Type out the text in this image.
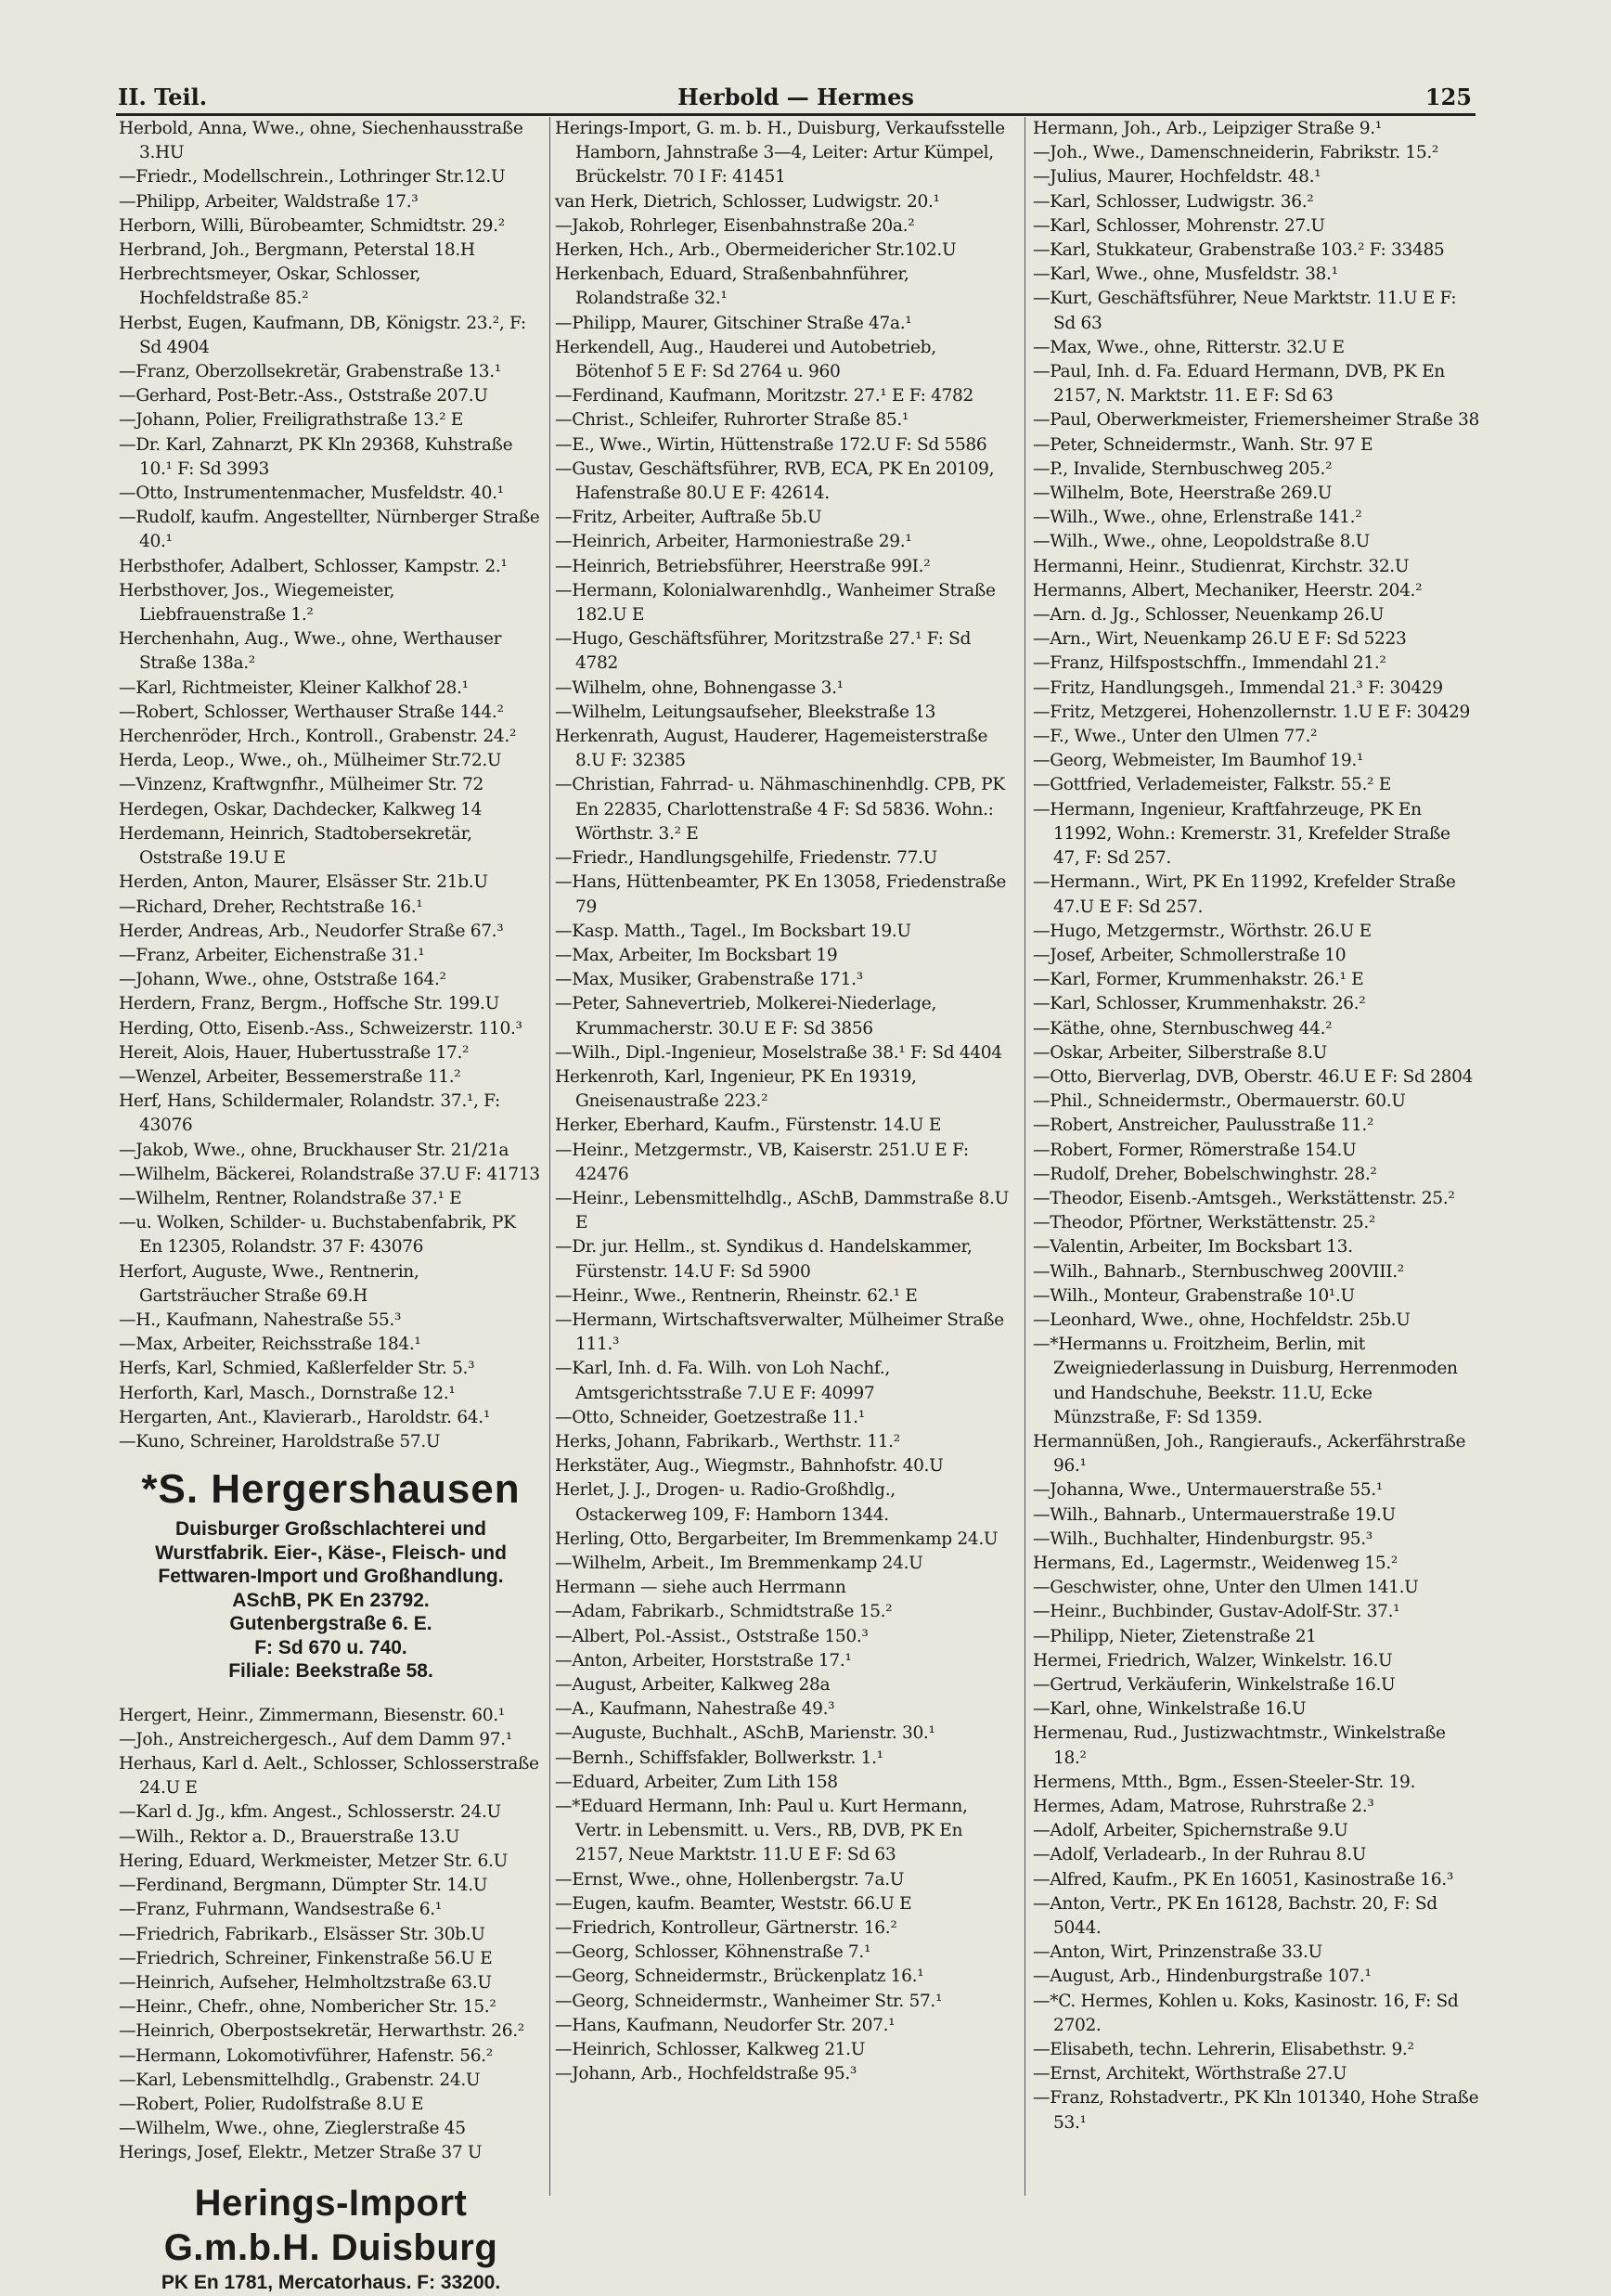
II. Teil.	Herbold — Hermes	125
Herbold, Anna, Wwe., ohne, Siechenhausstraße 3.HU
—Friedr., Modellschrein., Lothringer Str.12.U
—Philipp, Arbeiter, Waldstraße 17.³
Herborn, Willi, Bürobeamter, Schmidtstr. 29.²
Herbrand, Joh., Bergmann, Peterstal 18.H
Herbrechtsmeyer, Oskar, Schlosser, Hochfeldstraße 85.²
Herbst, Eugen, Kaufmann, DB, Königstr. 23.², F: Sd 4904
—Franz, Oberzollsekretär, Grabenstraße 13.¹
—Gerhard, Post-Betr.-Ass., Oststraße 207.U
—Johann, Polier, Freiligrathstraße 13.² E
—Dr. Karl, Zahnarzt, PK Kln 29368, Kuhstraße 10.¹ F: Sd 3993
—Otto, Instrumentenmacher, Musfeldstr. 40.¹
—Rudolf, kaufm. Angestellter, Nürnberger Straße 40.¹
Herbsthofer, Adalbert, Schlosser, Kampstr. 2.¹
Herbsthover, Jos., Wiegemeister, Liebfrauenstraße 1.²
Herchenhahn, Aug., Wwe., ohne, Werthauser Straße 138a.²
—Karl, Richtmeister, Kleiner Kalkhof 28.¹
—Robert, Schlosser, Werthauser Straße 144.²
Herchenröder, Hrch., Kontroll., Grabenstr. 24.²
Herda, Leop., Wwe., oh., Mülheimer Str.72.U
—Vinzenz, Kraftwgnfhr., Mülheimer Str. 72
Herdegen, Oskar, Dachdecker, Kalkweg 14
Herdemann, Heinrich, Stadtobersekretär, Oststraße 19.U E
Herden, Anton, Maurer, Elsässer Str. 21b.U
—Richard, Dreher, Rechtstraße 16.¹
Herder, Andreas, Arb., Neudorfer Straße 67.³
—Franz, Arbeiter, Eichenstraße 31.¹
—Johann, Wwe., ohne, Oststraße 164.²
Herdern, Franz, Bergm., Hoffsche Str. 199.U
Herding, Otto, Eisenb.-Ass., Schweizerstr. 110.³
Hereit, Alois, Hauer, Hubertusstraße 17.²
—Wenzel, Arbeiter, Bessemerstraße 11.²
Herf, Hans, Schildermaler, Rolandstr. 37.¹, F: 43076
—Jakob, Wwe., ohne, Bruckhauser Str. 21/21a
—Wilhelm, Bäckerei, Rolandstraße 37.U F: 41713
—Wilhelm, Rentner, Rolandstraße 37.¹ E
—u. Wolken, Schilder- u. Buchstabenfabrik, PK En 12305, Rolandstr. 37 F: 43076
Herfort, Auguste, Wwe., Rentnerin, Gartsträucher Straße 69.H
—H., Kaufmann, Nahestraße 55.³
—Max, Arbeiter, Reichsstraße 184.¹
Herfs, Karl, Schmied, Kaßlerfelder Str. 5.³
Herforth, Karl, Masch., Dornstraße 12.¹
Hergarten, Ant., Klavierarb., Haroldstr. 64.¹
—Kuno, Schreiner, Haroldstraße 57.U
*S. Hergershausen
Duisburger Großschlachterei und Wurstfabrik. Eier-, Käse-, Fleisch- und Fettwaren-Import und Großhandlung.
ASchB, PK En 23792.
Gutenbergstraße 6. E.
F: Sd 670 u. 740.
Filiale: Beekstraße 58.
Hergert, Heinr., Zimmermann, Biesenstr. 60.¹
—Joh., Anstreichergesch., Auf dem Damm 97.¹
Herhaus, Karl d. Aelt., Schlosser, Schlosserstraße 24.U E
—Karl d. Jg., kfm. Angest., Schlosserstr. 24.U
—Wilh., Rektor a. D., Brauerstraße 13.U
Hering, Eduard, Werkmeister, Metzer Str. 6.U
—Ferdinand, Bergmann, Dümpter Str. 14.U
—Franz, Fuhrmann, Wandsestraße 6.¹
—Friedrich, Fabrikarb., Elsässer Str. 30b.U
—Friedrich, Schreiner, Finkenstraße 56.U E
—Heinrich, Aufseher, Helmholtzstraße 63.U
—Heinr., Chefr., ohne, Nombericher Str. 15.²
—Heinrich, Oberpostsekretär, Herwarthstr. 26.²
—Hermann, Lokomotivführer, Hafenstr. 56.²
—Karl, Lebensmittelhdlg., Grabenstr. 24.U
—Robert, Polier, Rudolfstraße 8.U E
—Wilhelm, Wwe., ohne, Zieglerstraße 45
Herings, Josef, Elektr., Metzer Straße 37 U
Herings-Import G.m.b.H. Duisburg
PK En 1781, Mercatorhaus. F: 33200.
Herings-Import, G. m. b. H., Duisburg, Verkaufsstelle Hamborn, Jahnstraße 3—4, Leiter: Artur Kümpel, Brückelstr. 70 I F: 41451
van Herk, Dietrich, Schlosser, Ludwigstr. 20.¹
—Jakob, Rohrleger, Eisenbahnstraße 20a.²
Herken, Hch., Arb., Obermeidericher Str.102.U
Herkenbach, Eduard, Straßenbahnführer, Rolandstraße 32.¹
—Philipp, Maurer, Gitschiner Straße 47a.¹
Herkendell, Aug., Hauderei und Autobetrieb, Bötenhof 5 E F: Sd 2764 u. 960
—Ferdinand, Kaufmann, Moritzstr. 27.¹ E F: 4782
—Christ., Schleifer, Ruhrorter Straße 85.¹
—E., Wwe., Wirtin, Hüttenstraße 172.U F: Sd 5586
—Gustav, Geschäftsführer, RVB, ECA, PK En 20109, Hafenstraße 80.U E F: 42614.
—Fritz, Arbeiter, Auftraße 5b.U
—Heinrich, Arbeiter, Harmoniestraße 29.¹
—Heinrich, Betriebsführer, Heerstraße 99I.²
—Hermann, Kolonialwarenhdlg., Wanheimer Straße 182.U E
—Hugo, Geschäftsführer, Moritzstraße 27.¹ F: Sd 4782
—Wilhelm, ohne, Bohnengasse 3.¹
—Wilhelm, Leitungsaufseher, Bleekstraße 13
Herkenrath, August, Hauderer, Hagemeisterstraße 8.U F: 32385
—Christian, Fahrrad- u. Nähmaschinenhdlg. CPB, PK En 22835, Charlottenstraße 4 F: Sd 5836. Wohn.: Wörthstr. 3.² E
—Friedr., Handlungsgehilfe, Friedenstr. 77.U
—Hans, Hüttenbeamter, PK En 13058, Friedenstraße 79
—Kasp. Matth., Tagel., Im Bocksbart 19.U
—Max, Arbeiter, Im Bocksbart 19
—Max, Musiker, Grabenstraße 171.³
—Peter, Sahnevertrieb, Molkerei-Niederlage, Krummacherstr. 30.U E F: Sd 3856
—Wilh., Dipl.-Ingenieur, Moselstraße 38.¹ F: Sd 4404
Herkenroth, Karl, Ingenieur, PK En 19319, Gneisenaustraße 223.²
Herker, Eberhard, Kaufm., Fürstenstr. 14.U E
—Heinr., Metzgermstr., VB, Kaiserstr. 251.U E F: 42476
—Heinr., Lebensmittelhdlg., ASchB, Dammstraße 8.U E
—Dr. jur. Hellm., st. Syndikus d. Handelskammer, Fürstenstr. 14.U F: Sd 5900
—Heinr., Wwe., Rentnerin, Rheinstr. 62.¹ E
—Hermann, Wirtschaftsverwalter, Mülheimer Straße 111.³
—Karl, Inh. d. Fa. Wilh. von Loh Nachf., Amtsgerichtsstraße 7.U E F: 40997
—Otto, Schneider, Goetzestraße 11.¹
Herks, Johann, Fabrikarb., Werthstr. 11.²
Herkstäter, Aug., Wiegmstr., Bahnhofstr. 40.U
Herlet, J. J., Drogen- u. Radio-Großhdlg., Ostackerweg 109, F: Hamborn 1344.
Herling, Otto, Bergarbeiter, Im Bremmenkamp 24.U
—Wilhelm, Arbeit., Im Bremmenkamp 24.U
Hermann — siehe auch Herrmann
—Adam, Fabrikarb., Schmidtstraße 15.²
—Albert, Pol.-Assist., Oststraße 150.³
—Anton, Arbeiter, Horststraße 17.¹
—August, Arbeiter, Kalkweg 28a
—A., Kaufmann, Nahestraße 49.³
—Auguste, Buchhalt., ASchB, Marienstr. 30.¹
—Bernh., Schiffsfakler, Bollwerkstr. 1.¹
—Eduard, Arbeiter, Zum Lith 158
—*Eduard Hermann, Inh: Paul u. Kurt Hermann, Vertr. in Lebensmitt. u. Vers., RB, DVB, PK En 2157, Neue Marktstr. 11.U E F: Sd 63
—Ernst, Wwe., ohne, Hollenbergstr. 7a.U
—Eugen, kaufm. Beamter, Weststr. 66.U E
—Friedrich, Kontrolleur, Gärtnerstr. 16.²
—Georg, Schlosser, Köhnenstraße 7.¹
—Georg, Schneidermstr., Brückenplatz 16.¹
—Georg, Schneidermstr., Wanheimer Str. 57.¹
—Hans, Kaufmann, Neudorfer Str. 207.¹
—Heinrich, Schlosser, Kalkweg 21.U
—Johann, Arb., Hochfeldstraße 95.³
Hermann, Joh., Arb., Leipziger Straße 9.¹
—Joh., Wwe., Damenschneiderin, Fabrikstr. 15.²
—Julius, Maurer, Hochfeldstr. 48.¹
—Karl, Schlosser, Ludwigstr. 36.²
—Karl, Schlosser, Mohrenstr. 27.U
—Karl, Stukkateur, Grabenstraße 103.² F: 33485
—Karl, Wwe., ohne, Musfeldstr. 38.¹
—Kurt, Geschäftsführer, Neue Marktstr. 11.U E F: Sd 63
—Max, Wwe., ohne, Ritterstr. 32.U E
—Paul, Inh. d. Fa. Eduard Hermann, DVB, PK En 2157, N. Marktstr. 11. E F: Sd 63
—Paul, Oberwerkmeister, Friemersheimer Straße 38
—Peter, Schneidermstr., Wanh. Str. 97 E
—P., Invalide, Sternbuschweg 205.²
—Wilhelm, Bote, Heerstraße 269.U
—Wilh., Wwe., ohne, Erlenstraße 141.²
—Wilh., Wwe., ohne, Leopoldstraße 8.U
Hermanni, Heinr., Studienrat, Kirchstr. 32.U
Hermanns, Albert, Mechaniker, Heerstr. 204.²
—Arn. d. Jg., Schlosser, Neuenkamp 26.U
—Arn., Wirt, Neuenkamp 26.U E F: Sd 5223
—Franz, Hilfspostschffn., Immendahl 21.²
—Fritz, Handlungsgeh., Immendal 21.³ F: 30429
—Fritz, Metzgerei, Hohenzollernstr. 1.U E F: 30429
—F., Wwe., Unter den Ulmen 77.²
—Georg, Webmeister, Im Baumhof 19.¹
—Gottfried, Verlademeister, Falkstr. 55.² E
—Hermann, Ingenieur, Kraftfahrzeuge, PK En 11992, Wohn.: Kremerstr. 31, Krefelder Straße 47, F: Sd 257.
—Hermann., Wirt, PK En 11992, Krefelder Straße 47.U E F: Sd 257.
—Hugo, Metzgermstr., Wörthstr. 26.U E
—Josef, Arbeiter, Schmollerstraße 10
—Karl, Former, Krummenhakstr. 26.¹ E
—Karl, Schlosser, Krummenhakstr. 26.²
—Käthe, ohne, Sternbuschweg 44.²
—Oskar, Arbeiter, Silberstraße 8.U
—Otto, Bierverlag, DVB, Oberstr. 46.U E F: Sd 2804
—Phil., Schneidermstr., Obermauerstr. 60.U
—Robert, Anstreicher, Paulusstraße 11.²
—Robert, Former, Römerstraße 154.U
—Rudolf, Dreher, Bobelschwinghstr. 28.²
—Theodor, Eisenb.-Amtsgeh., Werkstättenstr. 25.²
—Theodor, Pförtner, Werkstättenstr. 25.²
—Valentin, Arbeiter, Im Bocksbart 13.
—Wilh., Bahnarb., Sternbuschweg 200VIII.²
—Wilh., Monteur, Grabenstraße 10¹.U
—Leonhard, Wwe., ohne, Hochfeldstr. 25b.U
—*Hermanns u. Froitzheim, Berlin, mit Zweigniederlassung in Duisburg, Herrenmoden und Handschuhe, Beekstr. 11.U, Ecke Münzstraße, F: Sd 1359.
Hermannüßen, Joh., Rangieraufs., Ackerfährstraße 96.¹
—Johanna, Wwe., Untermauerstraße 55.¹
—Wilh., Bahnarb., Untermauerstraße 19.U
—Wilh., Buchhalter, Hindenburgstr. 95.³
Hermans, Ed., Lagermstr., Weidenweg 15.²
—Geschwister, ohne, Unter den Ulmen 141.U
—Heinr., Buchbinder, Gustav-Adolf-Str. 37.¹
—Philipp, Nieter, Zietenstraße 21
Hermei, Friedrich, Walzer, Winkelstr. 16.U
—Gertrud, Verkäuferin, Winkelstraße 16.U
—Karl, ohne, Winkelstraße 16.U
Hermenau, Rud., Justizwachtmstr., Winkelstraße 18.²
Hermens, Mtth., Bgm., Essen-Steeler-Str. 19.
Hermes, Adam, Matrose, Ruhrstraße 2.³
—Adolf, Arbeiter, Spichernstraße 9.U
—Adolf, Verladearb., In der Ruhrau 8.U
—Alfred, Kaufm., PK En 16051, Kasinostraße 16.³
—Anton, Vertr., PK En 16128, Bachstr. 20, F: Sd 5044.
—Anton, Wirt, Prinzenstraße 33.U
—August, Arb., Hindenburgstraße 107.¹
—*C. Hermes, Kohlen u. Koks, Kasinostr. 16, F: Sd 2702.
—Elisabeth, techn. Lehrerin, Elisabethstr. 9.²
—Ernst, Architekt, Wörthstraße 27.U
—Franz, Rohstadvertr., PK Kln 101340, Hohe Straße 53.¹
